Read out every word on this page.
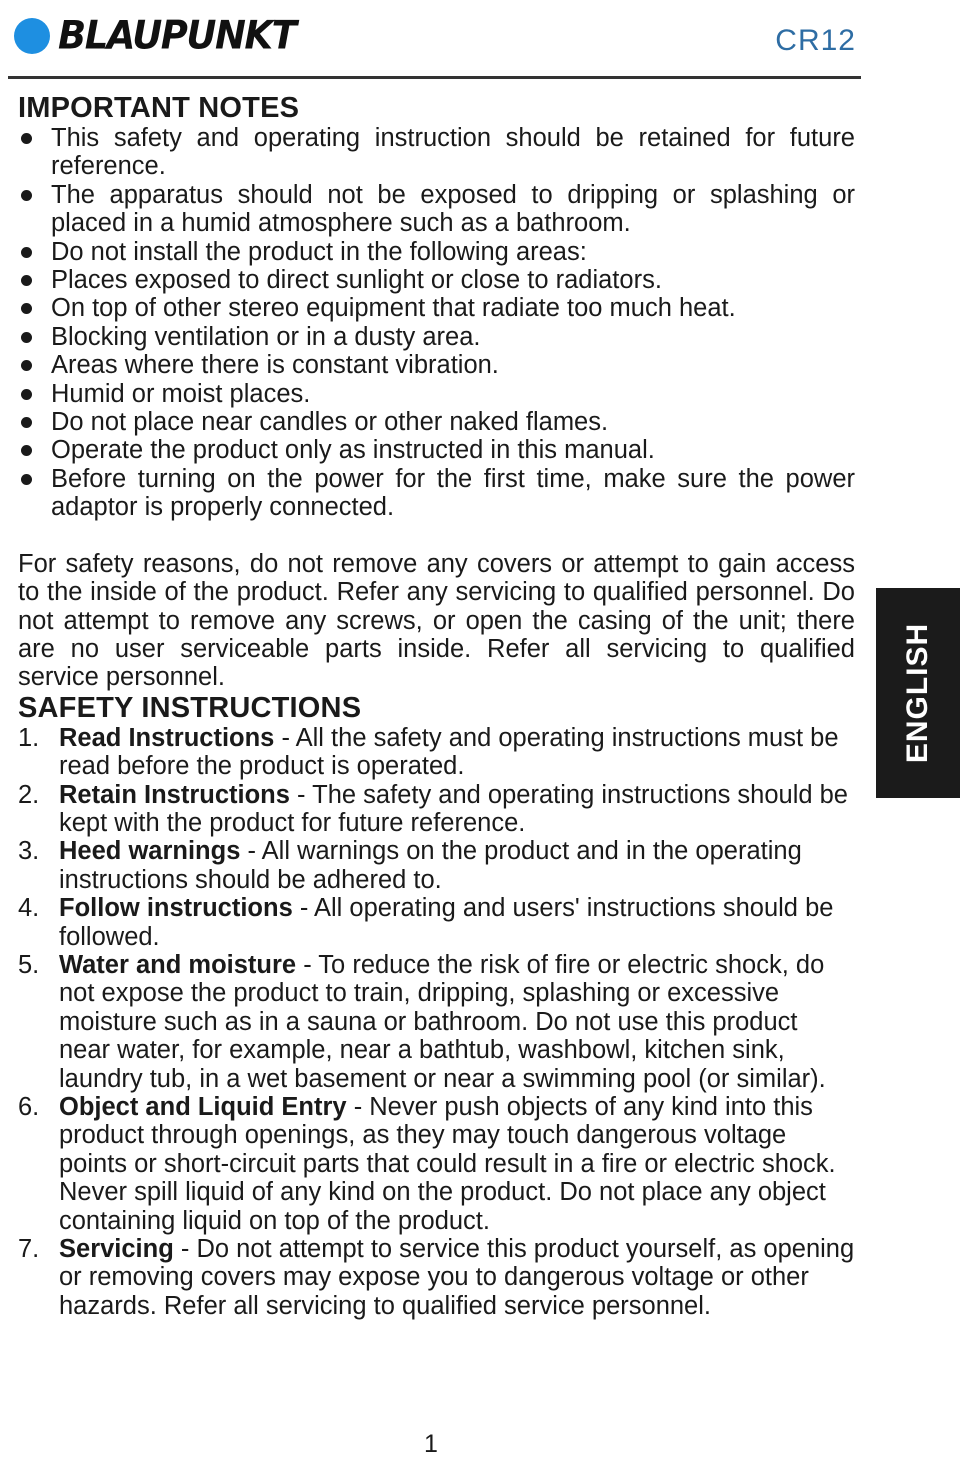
BLAUPUNKT	CR12
IMPORTANT NOTES
This safety and operating instruction should be retained for future reference.
The apparatus should not be exposed to dripping or splashing or placed in a humid atmosphere such as a bathroom.
Do not install the product in the following areas:
Places exposed to direct sunlight or close to radiators.
On top of other stereo equipment that radiate too much heat.
Blocking ventilation or in a dusty area.
Areas where there is constant vibration.
Humid or moist places.
Do not place near candles or other naked flames.
Operate the product only as instructed in this manual.
Before turning on the power for the first time, make sure the power adaptor is properly connected.

For safety reasons, do not remove any covers or attempt to gain access to the inside of the product. Refer any servicing to qualified personnel. Do not attempt to remove any screws, or open the casing of the unit; there are no user serviceable parts inside. Refer all servicing to qualified service personnel.

SAFETY INSTRUCTIONS
1. Read Instructions - All the safety and operating instructions must be read before the product is operated.
2. Retain Instructions - The safety and operating instructions should be kept with the product for future reference.
3. Heed warnings - All warnings on the product and in the operating instructions should be adhered to.
4. Follow instructions - All operating and users' instructions should be followed.
5. Water and moisture - To reduce the risk of fire or electric shock, do not expose the product to train, dripping, splashing or excessive moisture such as in a sauna or bathroom. Do not use this product near water, for example, near a bathtub, washbowl, kitchen sink, laundry tub, in a wet basement or near a swimming pool (or similar).
6. Object and Liquid Entry - Never push objects of any kind into this product through openings, as they may touch dangerous voltage points or short-circuit parts that could result in a fire or electric shock. Never spill liquid of any kind on the product. Do not place any object containing liquid on top of the product.
7. Servicing - Do not attempt to service this product yourself, as opening or removing covers may expose you to dangerous voltage or other hazards. Refer all servicing to qualified service personnel.
ENGLISH
1
